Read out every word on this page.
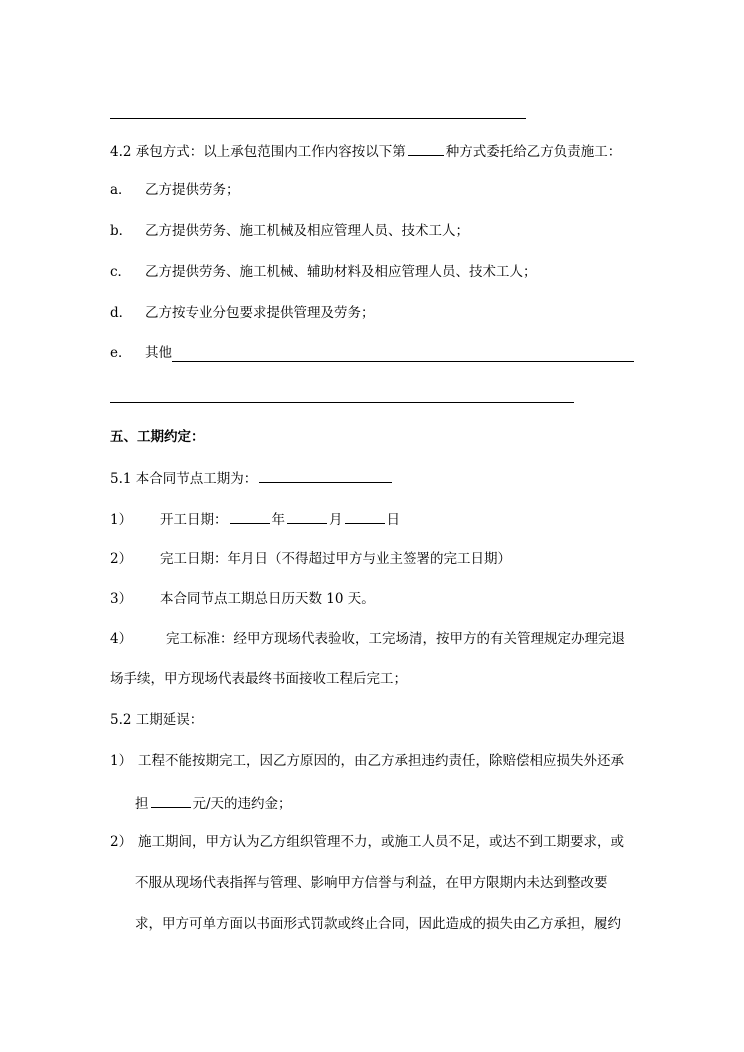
4.2 承包方式：以上承包范围内工作内容按以下第	种方式委托给乙方负责施工：
a． 乙方提供劳务；
b． 乙方提供劳务、施工机械及相应管理人员、技术工人；
c． 乙方提供劳务、施工机械、辅助材料及相应管理人员、技术工人；
d． 乙方按专业分包要求提供管理及劳务；
e． 其他
五、工期约定：
5.1 本合同节点工期为：
1） 开工日期：	年	月	日
2） 完工日期：年月日（不得超过甲方与业主签署的完工日期）
3） 本合同节点工期总日历天数 10 天。
4）	完工标准：经甲方现场代表验收，工完场清，按甲方的有关管理规定办理完退
场手续，甲方现场代表最终书面接收工程后完工；
5.2 工期延误：
1） 工程不能按期完工，因乙方原因的，由乙方承担违约责任，除赔偿相应损失外还承
担	元/天的违约金；
2） 施工期间，甲方认为乙方组织管理不力，或施工人员不足，或达不到工期要求，或
不服从现场代表指挥与管理、影响甲方信誉与利益，在甲方限期内未达到整改要
求，甲方可单方面以书面形式罚款或终止合同，因此造成的损失由乙方承担，履约
